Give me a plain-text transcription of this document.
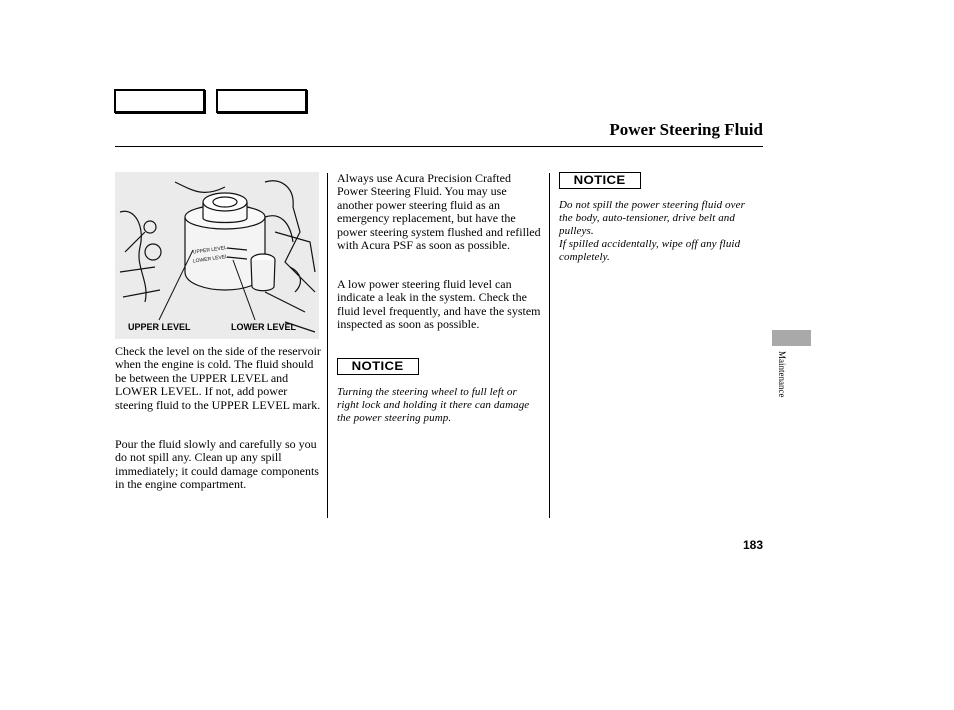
Power Steering Fluid
UPPER LEVEL
LOWER LEVEL
UPPER LEVEL	LOWER LEVEL

Check the level on the side of the reservoir when the engine is cold. The fluid should be between the UPPER LEVEL and LOWER LEVEL. If not, add power steering fluid to the UPPER LEVEL mark.

Pour the fluid slowly and carefully so you do not spill any. Clean up any spill immediately; it could damage components in the engine compartment.

Always use Acura Precision Crafted Power Steering Fluid. You may use another power steering fluid as an emergency replacement, but have the power steering system flushed and refilled with Acura PSF as soon as possible.

A low power steering fluid level can indicate a leak in the system. Check the fluid level frequently, and have the system inspected as soon as possible.

NOTICE

Turning the steering wheel to full left or right lock and holding it there can damage the power steering pump.

NOTICE

Do not spill the power steering fluid over the body, auto-tensioner, drive belt and pulleys.

If spilled accidentally, wipe off any fluid completely.

Maintenance
183
